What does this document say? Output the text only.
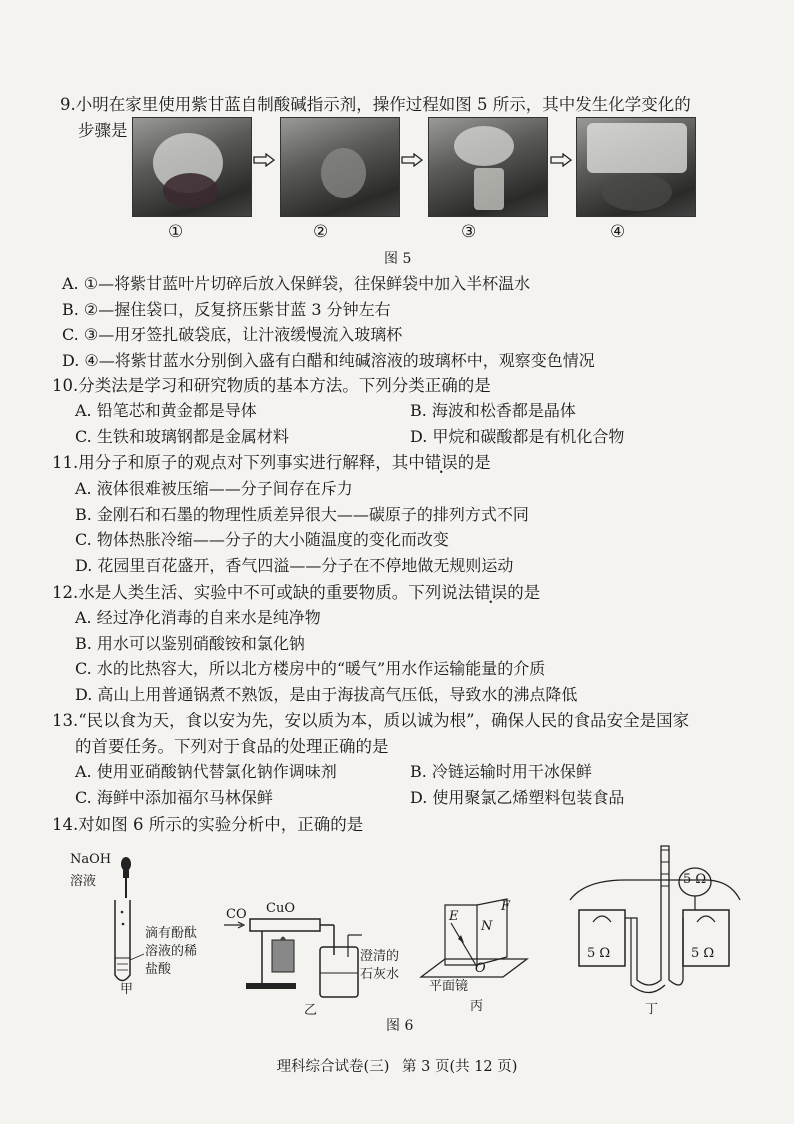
9.小明在家里使用紫甘蓝自制酸碱指示剂，操作过程如图 5 所示，其中发生化学变化的
步骤是
①	②	③	④
图 5
A. ①—将紫甘蓝叶片切碎后放入保鲜袋，往保鲜袋中加入半杯温水
B. ②—握住袋口，反复挤压紫甘蓝 3 分钟左右
C. ③—用牙签扎破袋底，让汁液缓慢流入玻璃杯
D. ④—将紫甘蓝水分别倒入盛有白醋和纯碱溶液的玻璃杯中，观察变色情况
10.分类法是学习和研究物质的基本方法。下列分类正确的是
A. 铅笔芯和黄金都是导体	B. 海波和松香都是晶体
C. 生铁和玻璃钢都是金属材料	D. 甲烷和碳酸都是有机化合物
11.用分子和原子的观点对下列事实进行解释，其中错误的是
A. 液体很难被压缩——分子间存在斥力
B. 金刚石和石墨的物理性质差异很大——碳原子的排列方式不同
C. 物体热胀冷缩——分子的大小随温度的变化而改变
D. 花园里百花盛开，香气四溢——分子在不停地做无规则运动
12.水是人类生活、实验中不可或缺的重要物质。下列说法错误的是
A. 经过净化消毒的自来水是纯净物
B. 用水可以鉴别硝酸铵和氯化钠
C. 水的比热容大，所以北方楼房中的“暖气”用水作运输能量的介质
D. 高山上用普通锅煮不熟饭，是由于海拔高气压低，导致水的沸点降低
13.“民以食为天，食以安为先，安以质为本，质以诚为根”，确保人民的食品安全是国家
的首要任务。下列对于食品的处理正确的是
A. 使用亚硝酸钠代替氯化钠作调味剂	B. 冷链运输时用干冰保鲜
C. 海鲜中添加福尔马林保鲜	D. 使用聚氯乙烯塑料包装食品
14.对如图 6 所示的实验分析中，正确的是
NaOH
溶液
滴有酚酞
溶液的稀
盐酸
甲
CO CuO
澄清的
石灰水
乙
E
N
F
O
平面镜
丙
5 Ω
5 Ω	5 Ω
丁
图 6
理科综合试卷(三) 第 3 页(共 12 页)
